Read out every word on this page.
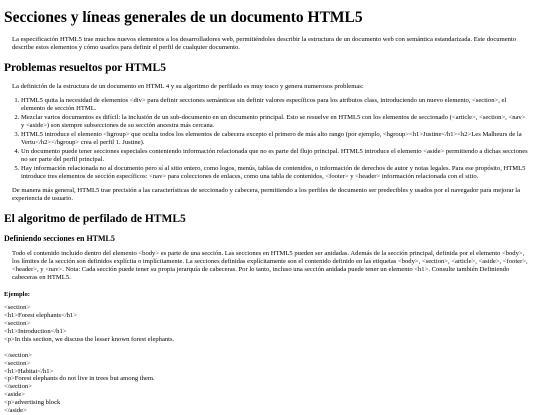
Secciones y líneas generales de un documento HTML5

La especificación HTML5 trae muchos nuevos elementos a los desarrolladores web, permitiéndoles describir la estructura de un documento web con semántica estandarizada. Este documento describe estos elementos y cómo usarlos para definir el perfil de cualquier documento.

Problemas resueltos por HTML5

La definición de la estructura de un documento en HTML 4 y su algoritmo de perfilado es muy tosco y genera numerosos problemas:

1. HTML5 quita la necesidad de elementos <div> para definir secciones semánticas sin definir valores específicos para los atributos class, introduciendo un nuevo elemento, <section>, el elemento de sección HTML.
2. Mezclar varios documentos es difícil: la inclusión de un sub-documento en un documento principal. Esto se resuelve en HTML5 con los elementos de seccionado (<article>, <section>, <nav> y <aside>) son siempre subsecciones de su sección ancestra más cercana.
3. HTML5 introduce el elemento <hgroup> que oculta todos los elementos de cabecera excepto el primero de más alto rango (por ejemplo, <hgroup><h1>Justine</h1><h2>Les Malheurs de la Vertu</h2></hgroup> crea el perfil 1. Justine).
4. Un documento puede tener secciones especiales conteniendo información relacionada que no es parte del flujo principal. HTML5 introduce el elemento <aside> permitiendo a dichas secciones no ser parte del perfil principal.
5. Hay información relacionada no al documento pero sí al sitio entero, como logos, menús, tablas de contenidos, o información de derechos de autor y notas legales. Para ese propósito, HTML5 introduce tres elementos de sección específicos: <nav> para colecciones de enlaces, como una tabla de contenidos, <footer> y <header> información relacionada con el sitio.

De manera más general, HTML5 trae precisión a las características de seccionado y cabecera, permitiendo a los perfiles de documento ser predecibles y usados por el navegador para mejorar la experiencia de usuario.

El algoritmo de perfilado de HTML5
Definiendo secciones en HTML5

Todo el contenido incluido dentro del elemento <body> es parte de una sección. Las secciones en HTML5 pueden ser anidadas. Además de la sección principal, definida por el elemento <body>, los límites de la sección son definidos explícita o implícitamente. La secciones definidas explícitamente son el contenido definido en las etiquetas <body>, <section>, <article>, <aside>, <footer>, <header>, y <nav>. Nota: Cada sección puede tener su propia jerarquía de cabeceras. Por lo tanto, incluso una sección anidada puede tener un elemento <h1>. Consulte también Definiendo cabeceras en HTML5.

Ejemplo:
<section>
<h1>Forest elephants</h1>
<section>
<h1>Introduction</h1>
<p>In this section, we discuss the lesser known forest elephants.

</section>
<section>
<h1>Habitat</h1>
<p>Forest elephants do not live in trees but among them.
</section>
<aside>
<p>advertising block
</aside>
